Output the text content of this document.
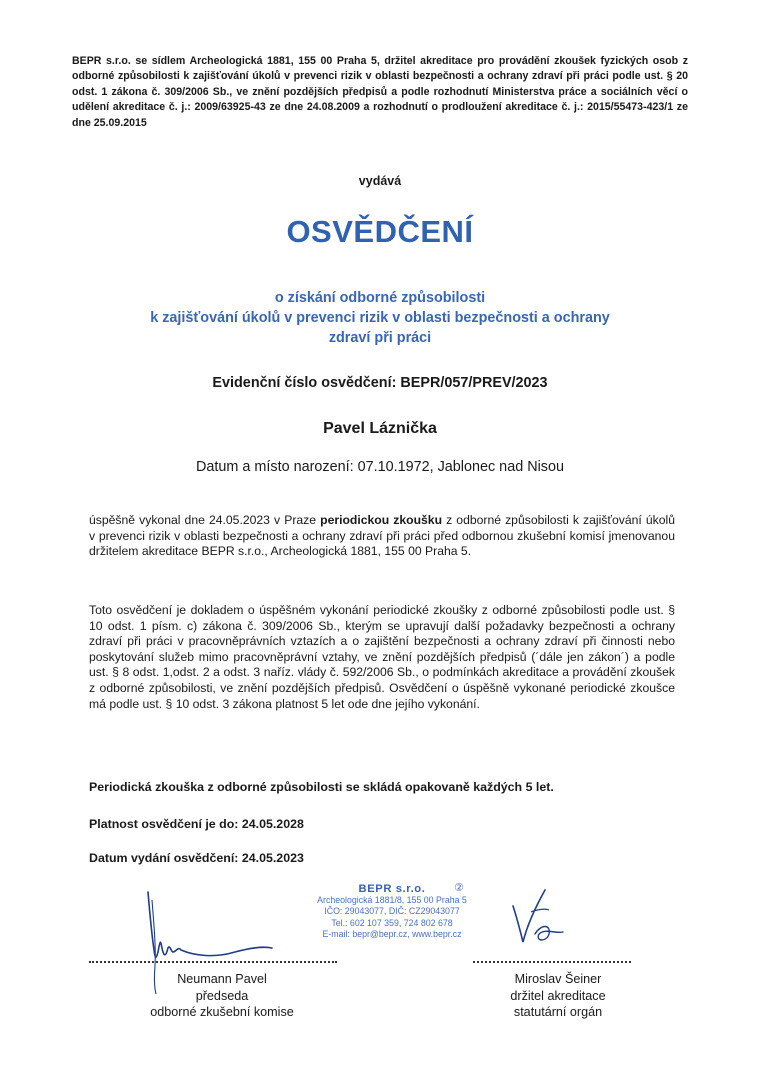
BEPR s.r.o. se sídlem Archeologická 1881, 155 00 Praha 5, držitel akreditace pro provádění zkoušek fyzických osob z odborné způsobilosti k zajišťování úkolů v prevenci rizik v oblasti bezpečnosti a ochrany zdraví při práci podle ust. § 20 odst. 1 zákona č. 309/2006 Sb., ve znění pozdějších předpisů a podle rozhodnutí Ministerstva práce a sociálních věcí o udělení akreditace č. j.: 2009/63925-43 ze dne 24.08.2009 a rozhodnutí o prodloužení akreditace č. j.: 2015/55473-423/1 ze dne 25.09.2015
vydává
OSVĚDČENÍ
o získání odborné způsobilosti
k zajišťování úkolů v prevenci rizik v oblasti bezpečnosti a ochrany
zdraví při práci
Evidenční číslo osvědčení: BEPR/057/PREV/2023
Pavel Láznička
Datum a místo narození: 07.10.1972, Jablonec nad Nisou
úspěšně vykonal dne 24.05.2023 v Praze periodickou zkoušku z odborné způsobilosti k zajišťování úkolů v prevenci rizik v oblasti bezpečnosti a ochrany zdraví při práci před odbornou zkušební komisí jmenovanou držitelem akreditace BEPR s.r.o., Archeologická 1881, 155 00 Praha 5.
Toto osvědčení je dokladem o úspěšném vykonání periodické zkoušky z odborné způsobilosti podle ust. § 10 odst. 1 písm. c) zákona č. 309/2006 Sb., kterým se upravují další požadavky bezpečnosti a ochrany zdraví při práci v pracovněprávních vztazích a o zajištění bezpečnosti a ochrany zdraví při činnosti nebo poskytování služeb mimo pracovněprávní vztahy, ve znění pozdějších předpisů (´dále jen zákon´) a podle ust. § 8 odst. 1,odst. 2 a odst. 3 naříz. vlády č. 592/2006 Sb., o podmínkách akreditace a provádění zkoušek z odborné způsobilosti, ve znění pozdějších předpisů. Osvědčení o úspěšně vykonané periodické zkoušce má podle ust. § 10 odst. 3 zákona platnost 5 let ode dne jejího vykonání.
Periodická zkouška z odborné způsobilosti se skládá opakovaně každých 5 let.
Platnost osvědčení je do: 24.05.2028
Datum vydání osvědčení: 24.05.2023
BEPR s.r.o.	②
Archeologická 1881/8, 155 00 Praha 5
IČO: 29043077, DIČ: CZ29043077
Tel.: 602 107 359, 724 802 678
E-mail: bepr@bepr.cz, www.bepr.cz
Neumann Pavel
předseda
odborné zkušební komise
Miroslav Šeiner
držitel akreditace
statutární orgán
